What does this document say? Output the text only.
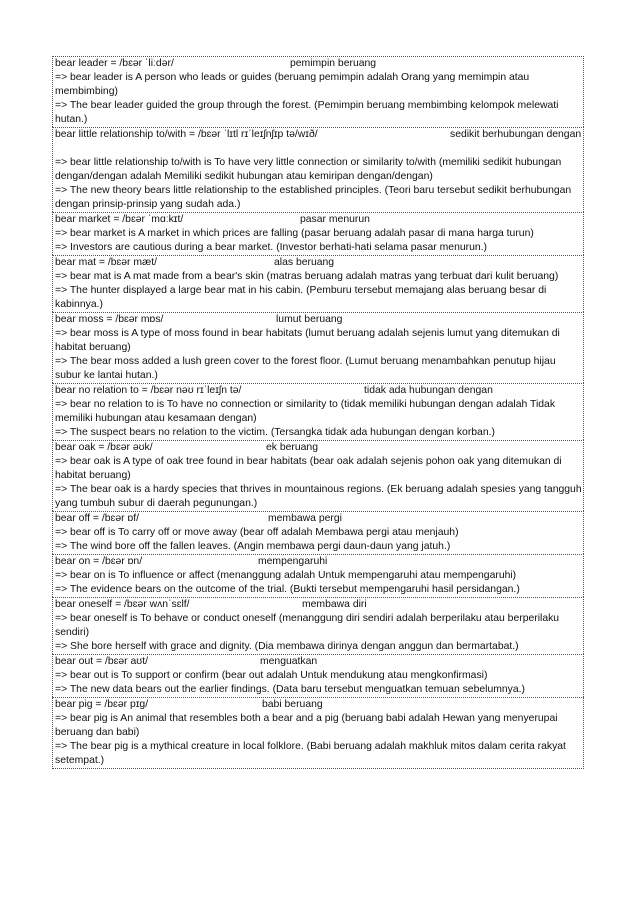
bear leader = /bɛər ˈliːdər/	pemimpin beruang
=> bear leader is A person who leads or guides (beruang pemimpin adalah Orang yang memimpin atau membimbing)
=> The bear leader guided the group through the forest. (Pemimpin beruang membimbing kelompok melewati hutan.)
bear little relationship to/with = /bɛər ˈlɪtl rɪˈleɪʃnʃɪp tə/wɪð/	sedikit berhubungan dengan
=> bear little relationship to/with is To have very little connection or similarity to/with (memiliki sedikit hubungan dengan/dengan adalah Memiliki sedikit hubungan atau kemiripan dengan/dengan)
=> The new theory bears little relationship to the established principles. (Teori baru tersebut sedikit berhubungan dengan prinsip-prinsip yang sudah ada.)
bear market = /bɛər ˈmɑːkɪt/	pasar menurun
=> bear market is A market in which prices are falling (pasar beruang adalah pasar di mana harga turun)
=> Investors are cautious during a bear market. (Investor berhati-hati selama pasar menurun.)
bear mat = /bɛər mæt/	alas beruang
=> bear mat is A mat made from a bear's skin (matras beruang adalah matras yang terbuat dari kulit beruang)
=> The hunter displayed a large bear mat in his cabin. (Pemburu tersebut memajang alas beruang besar di kabinnya.)
bear moss = /bɛər mɒs/	lumut beruang
=> bear moss is A type of moss found in bear habitats (lumut beruang adalah sejenis lumut yang ditemukan di habitat beruang)
=> The bear moss added a lush green cover to the forest floor. (Lumut beruang menambahkan penutup hijau subur ke lantai hutan.)
bear no relation to = /bɛər nəʊ rɪˈleɪʃn tə/	tidak ada hubungan dengan
=> bear no relation to is To have no connection or similarity to (tidak memiliki hubungan dengan adalah Tidak memiliki hubungan atau kesamaan dengan)
=> The suspect bears no relation to the victim. (Tersangka tidak ada hubungan dengan korban.)
bear oak = /bɛər əʊk/	ek beruang
=> bear oak is A type of oak tree found in bear habitats (bear oak adalah sejenis pohon oak yang ditemukan di habitat beruang)
=> The bear oak is a hardy species that thrives in mountainous regions. (Ek beruang adalah spesies yang tangguh yang tumbuh subur di daerah pegunungan.)
bear off = /bɛər ɒf/	membawa pergi
=> bear off is To carry off or move away (bear off adalah Membawa pergi atau menjauh)
=> The wind bore off the fallen leaves. (Angin membawa pergi daun-daun yang jatuh.)
bear on = /bɛər ɒn/	mempengaruhi
=> bear on is To influence or affect (menanggung adalah Untuk mempengaruhi atau mempengaruhi)
=> The evidence bears on the outcome of the trial. (Bukti tersebut mempengaruhi hasil persidangan.)
bear oneself = /bɛər wʌnˈsɛlf/	membawa diri
=> bear oneself is To behave or conduct oneself (menanggung diri sendiri adalah berperilaku atau berperilaku sendiri)
=> She bore herself with grace and dignity. (Dia membawa dirinya dengan anggun dan bermartabat.)
bear out = /bɛər aʊt/	menguatkan
=> bear out is To support or confirm (bear out adalah Untuk mendukung atau mengkonfirmasi)
=> The new data bears out the earlier findings. (Data baru tersebut menguatkan temuan sebelumnya.)
bear pig = /bɛər pɪɡ/	babi beruang
=> bear pig is An animal that resembles both a bear and a pig (beruang babi adalah Hewan yang menyerupai beruang dan babi)
=> The bear pig is a mythical creature in local folklore. (Babi beruang adalah makhluk mitos dalam cerita rakyat setempat.)
